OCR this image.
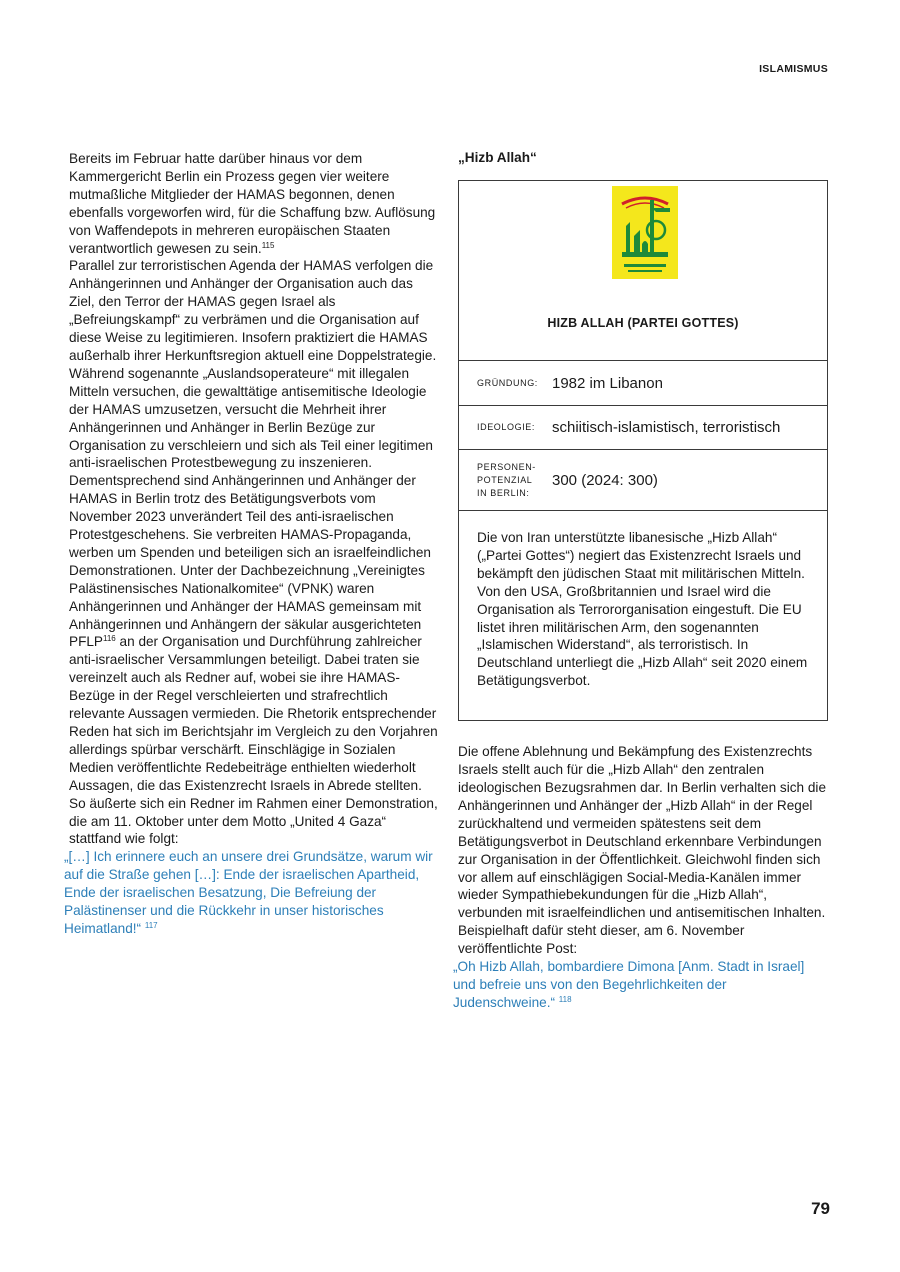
ISLAMISMUS

Bereits im Februar hatte darüber hinaus vor dem Kammergericht Berlin ein Prozess gegen vier weitere mutmaßliche Mitglieder der HAMAS begonnen, denen ebenfalls vorgeworfen wird, für die Schaffung bzw. Auflösung von Waffendepots in mehreren europäischen Staaten verantwortlich gewesen zu sein.$^{115}$

Parallel zur terroristischen Agenda der HAMAS verfolgen die Anhängerinnen und Anhänger der Organisation auch das Ziel, den Terror der HAMAS gegen Israel als „Befreiungskampf“ zu verbrämen und die Organisation auf diese Weise zu legitimieren. Insofern praktiziert die HAMAS außerhalb ihrer Herkunftsregion aktuell eine Doppelstrategie. Während sogenannte „Auslandsoperateure“ mit illegalen Mitteln versuchen, die gewalttätige antisemitische Ideologie der HAMAS umzusetzen, versucht die Mehrheit ihrer Anhängerinnen und Anhänger in Berlin Bezüge zur Organisation zu verschleiern und sich als Teil einer legitimen anti-israelischen Protestbewegung zu inszenieren.

Dementsprechend sind Anhängerinnen und Anhänger der HAMAS in Berlin trotz des Betätigungsverbots vom November 2023 unverändert Teil des anti-israelischen Protestgeschehens. Sie verbreiten HAMAS-Propaganda, werben um Spenden und beteiligen sich an israelfeindlichen Demonstrationen. Unter der Dachbezeichnung „Vereinigtes Palästinensisches Nationalkomitee“ (VPNK) waren Anhängerinnen und Anhänger der HAMAS gemeinsam mit Anhängerinnen und Anhängern der säkular ausgerichteten PFLP$^{116}$ an der Organisation und Durchführung zahlreicher anti-israelischer Versammlungen beteiligt. Dabei traten sie vereinzelt auch als Redner auf, wobei sie ihre HAMAS-Bezüge in der Regel verschleierten und strafrechtlich relevante Aussagen vermieden. Die Rhetorik entsprechender Reden hat sich im Berichtsjahr im Vergleich zu den Vorjahren allerdings spürbar verschärft. Einschlägige in Sozialen Medien veröffentlichte Redebeiträge enthielten wiederholt Aussagen, die das Existenzrecht Israels in Abrede stellten. So äußerte sich ein Redner im Rahmen einer Demonstration, die am 11. Oktober unter dem Motto „United 4 Gaza“ stattfand wie folgt:

„[…] Ich erinnere euch an unsere drei Grundsätze, warum wir auf die Straße gehen […]: Ende der israelischen Apartheid, Ende der israelischen Besatzung, Die Befreiung der Palästinenser und die Rückkehr in unser historisches Heimatland!“ $^{117}$

„Hizb Allah“

HIZB ALLAH (PARTEI GOTTES)
GRÜNDUNG: 1982 im Libanon
IDEOLOGIE:	schiitisch-islamistisch, terroristisch
PERSONEN-
POTENZIAL
IN BERLIN:
300 (2024: 300)
Die von Iran unterstützte libanesische „Hizb Allah“ („Partei Gottes“) negiert das Existenzrecht Israels und bekämpft den jüdischen Staat mit militärischen Mitteln. Von den USA, Großbritannien und Israel wird die Organisation als Terrororganisation eingestuft. Die EU listet ihren militärischen Arm, den sogenannten „Islamischen Widerstand“, als terroristisch. In Deutschland unterliegt die „Hizb Allah“ seit 2020 einem Betätigungsverbot.

Die offene Ablehnung und Bekämpfung des Existenzrechts Israels stellt auch für die „Hizb Allah“ den zentralen ideologischen Bezugsrahmen dar. In Berlin verhalten sich die Anhängerinnen und Anhänger der „Hizb Allah“ in der Regel zurückhaltend und vermeiden spätestens seit dem Betätigungsverbot in Deutschland erkennbare Verbindungen zur Organisation in der Öffentlichkeit. Gleichwohl finden sich vor allem auf einschlägigen Social-Media-Kanälen immer wieder Sympathiebekundungen für die „Hizb Allah“, verbunden mit israelfeindlichen und antisemitischen Inhalten. Beispielhaft dafür steht dieser, am 6. November veröffentlichte Post:

„Oh Hizb Allah, bombardiere Dimona [Anm. Stadt in Israel] und befreie uns von den Begehrlichkeiten der Judenschweine.“ $^{118}$

79
